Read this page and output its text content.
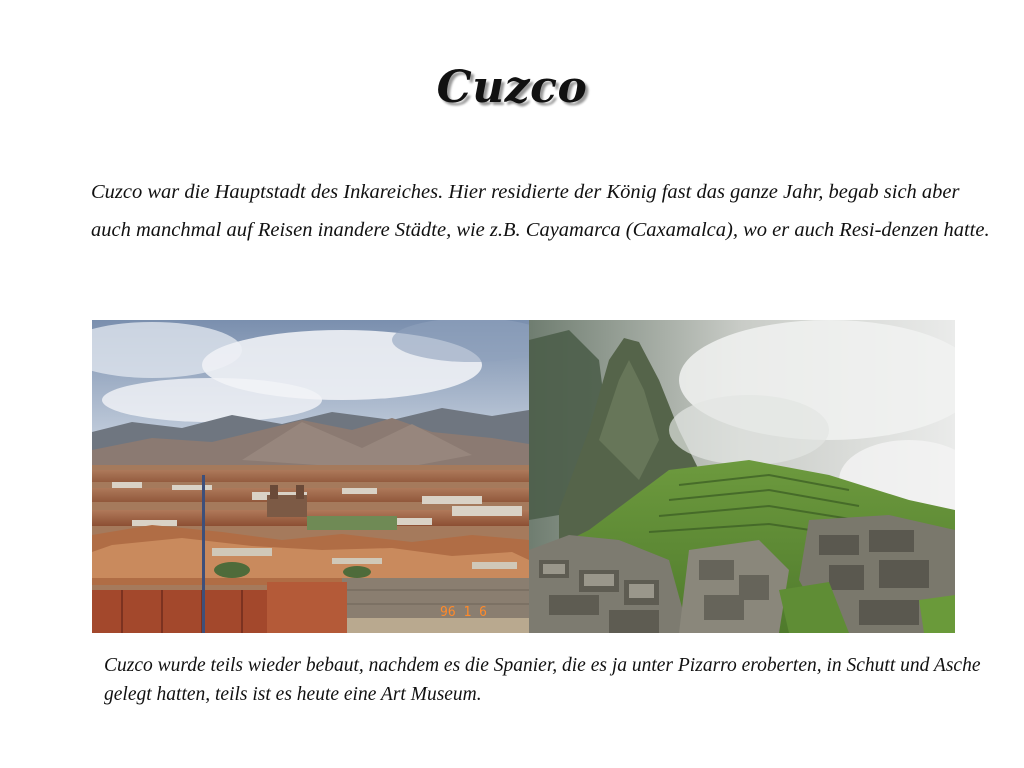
Cuzco

Cuzco war die Hauptstadt des Inkareiches. Hier residierte der König fast das ganze Jahr, begab sich aber auch manchmal auf Reisen inandere Städte, wie z.B. Cayamarca (Caxamalca), wo er auch Resi-denzen hatte.

96 1 6

Cuzco wurde teils wieder bebaut, nachdem es die Spanier, die es ja unter Pizarro eroberten, in Schutt und Asche gelegt hatten, teils ist es heute eine Art Museum.
